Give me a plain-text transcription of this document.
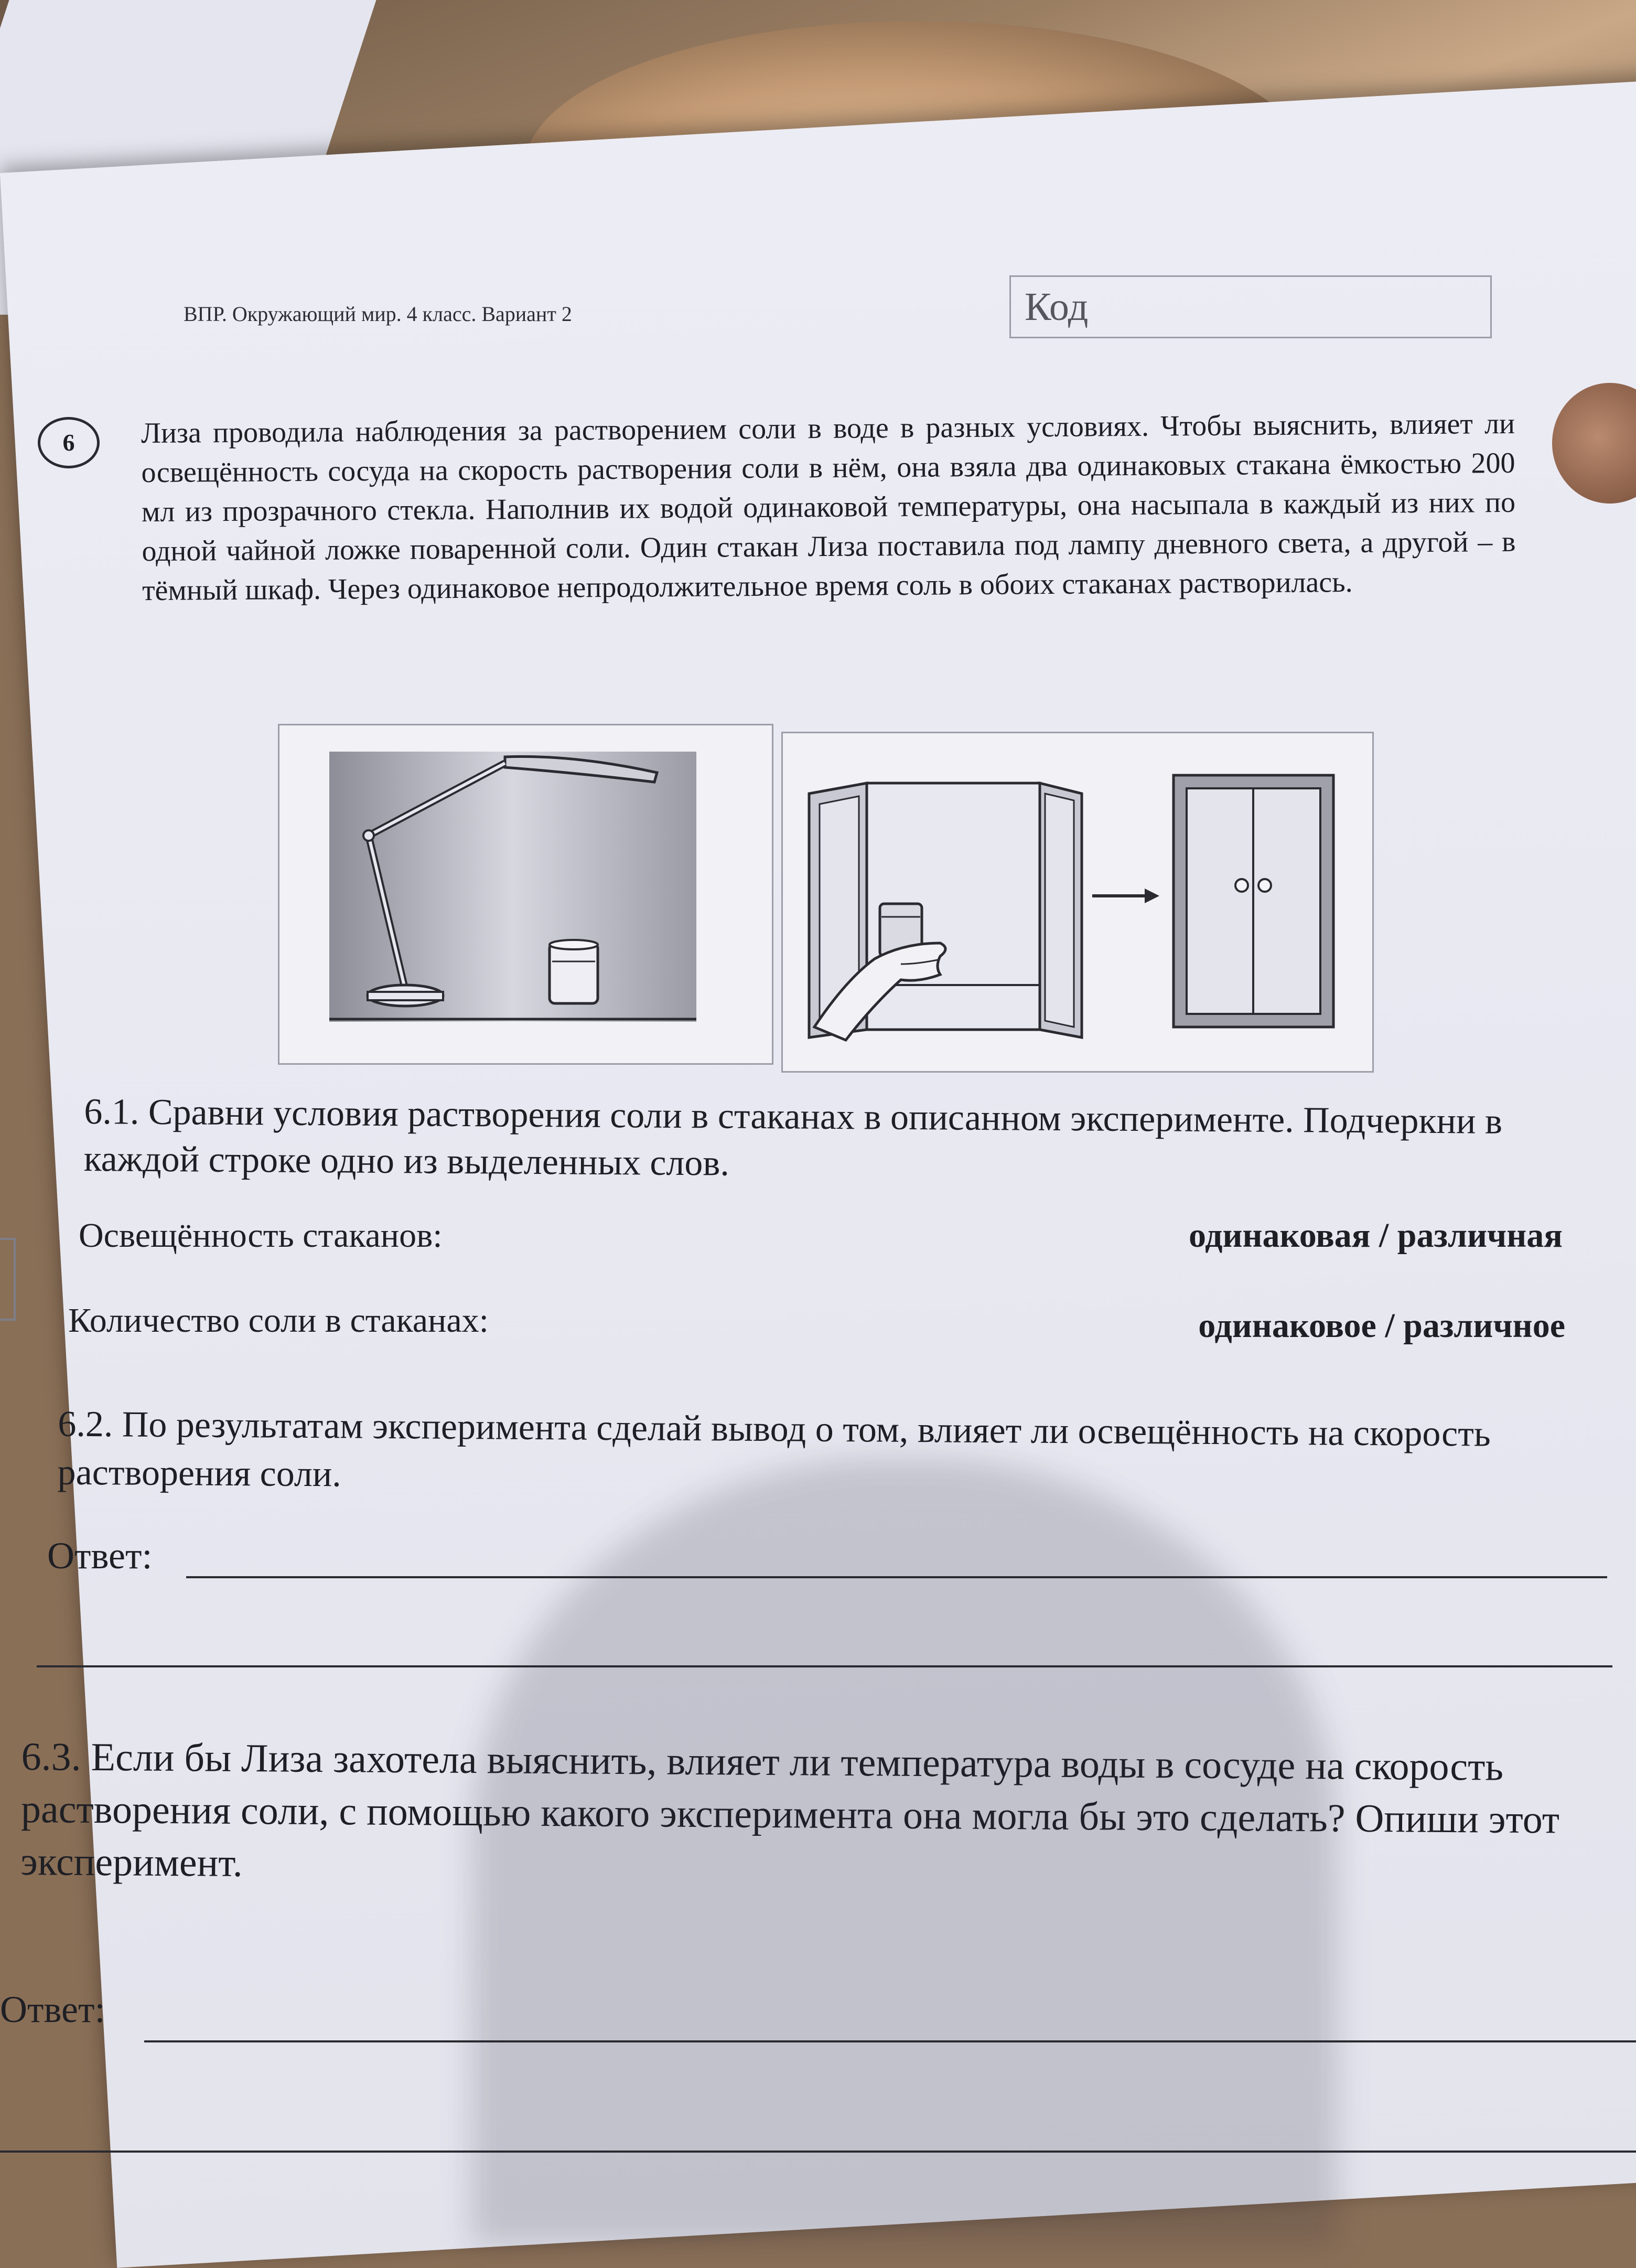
ВПР. Окружающий мир. 4 класс. Вариант 2	Код
6	Лиза проводила наблюдения за растворением соли в воде в разных условиях. Чтобы выяснить, влияет ли освещённость сосуда на скорость растворения соли в нём, она взяла два одинаковых стакана ёмкостью 200 мл из прозрачного стекла. Наполнив их водой одинаковой температуры, она насыпала в каждый из них по одной чайной ложке поваренной соли. Один стакан Лиза поставила под лампу дневного света, а другой – в тёмный шкаф. Через одинаковое непродолжительное время соль в обоих стаканах растворилась.
6.1. Сравни условия растворения соли в стаканах в описанном эксперименте. Подчеркни в каждой строке одно из выделенных слов.
Освещённость стаканов:	одинаковая / различная
Количество соли в стаканах:	одинаковое / различное
6.2. По результатам эксперимента сделай вывод о том, влияет ли освещённость на скорость растворения соли.
Ответ:
6.3. Если бы Лиза захотела выяснить, влияет ли температура воды в сосуде на скорость растворения соли, с помощью какого эксперимента она могла бы это сделать? Опиши этот эксперимент.
Ответ:
